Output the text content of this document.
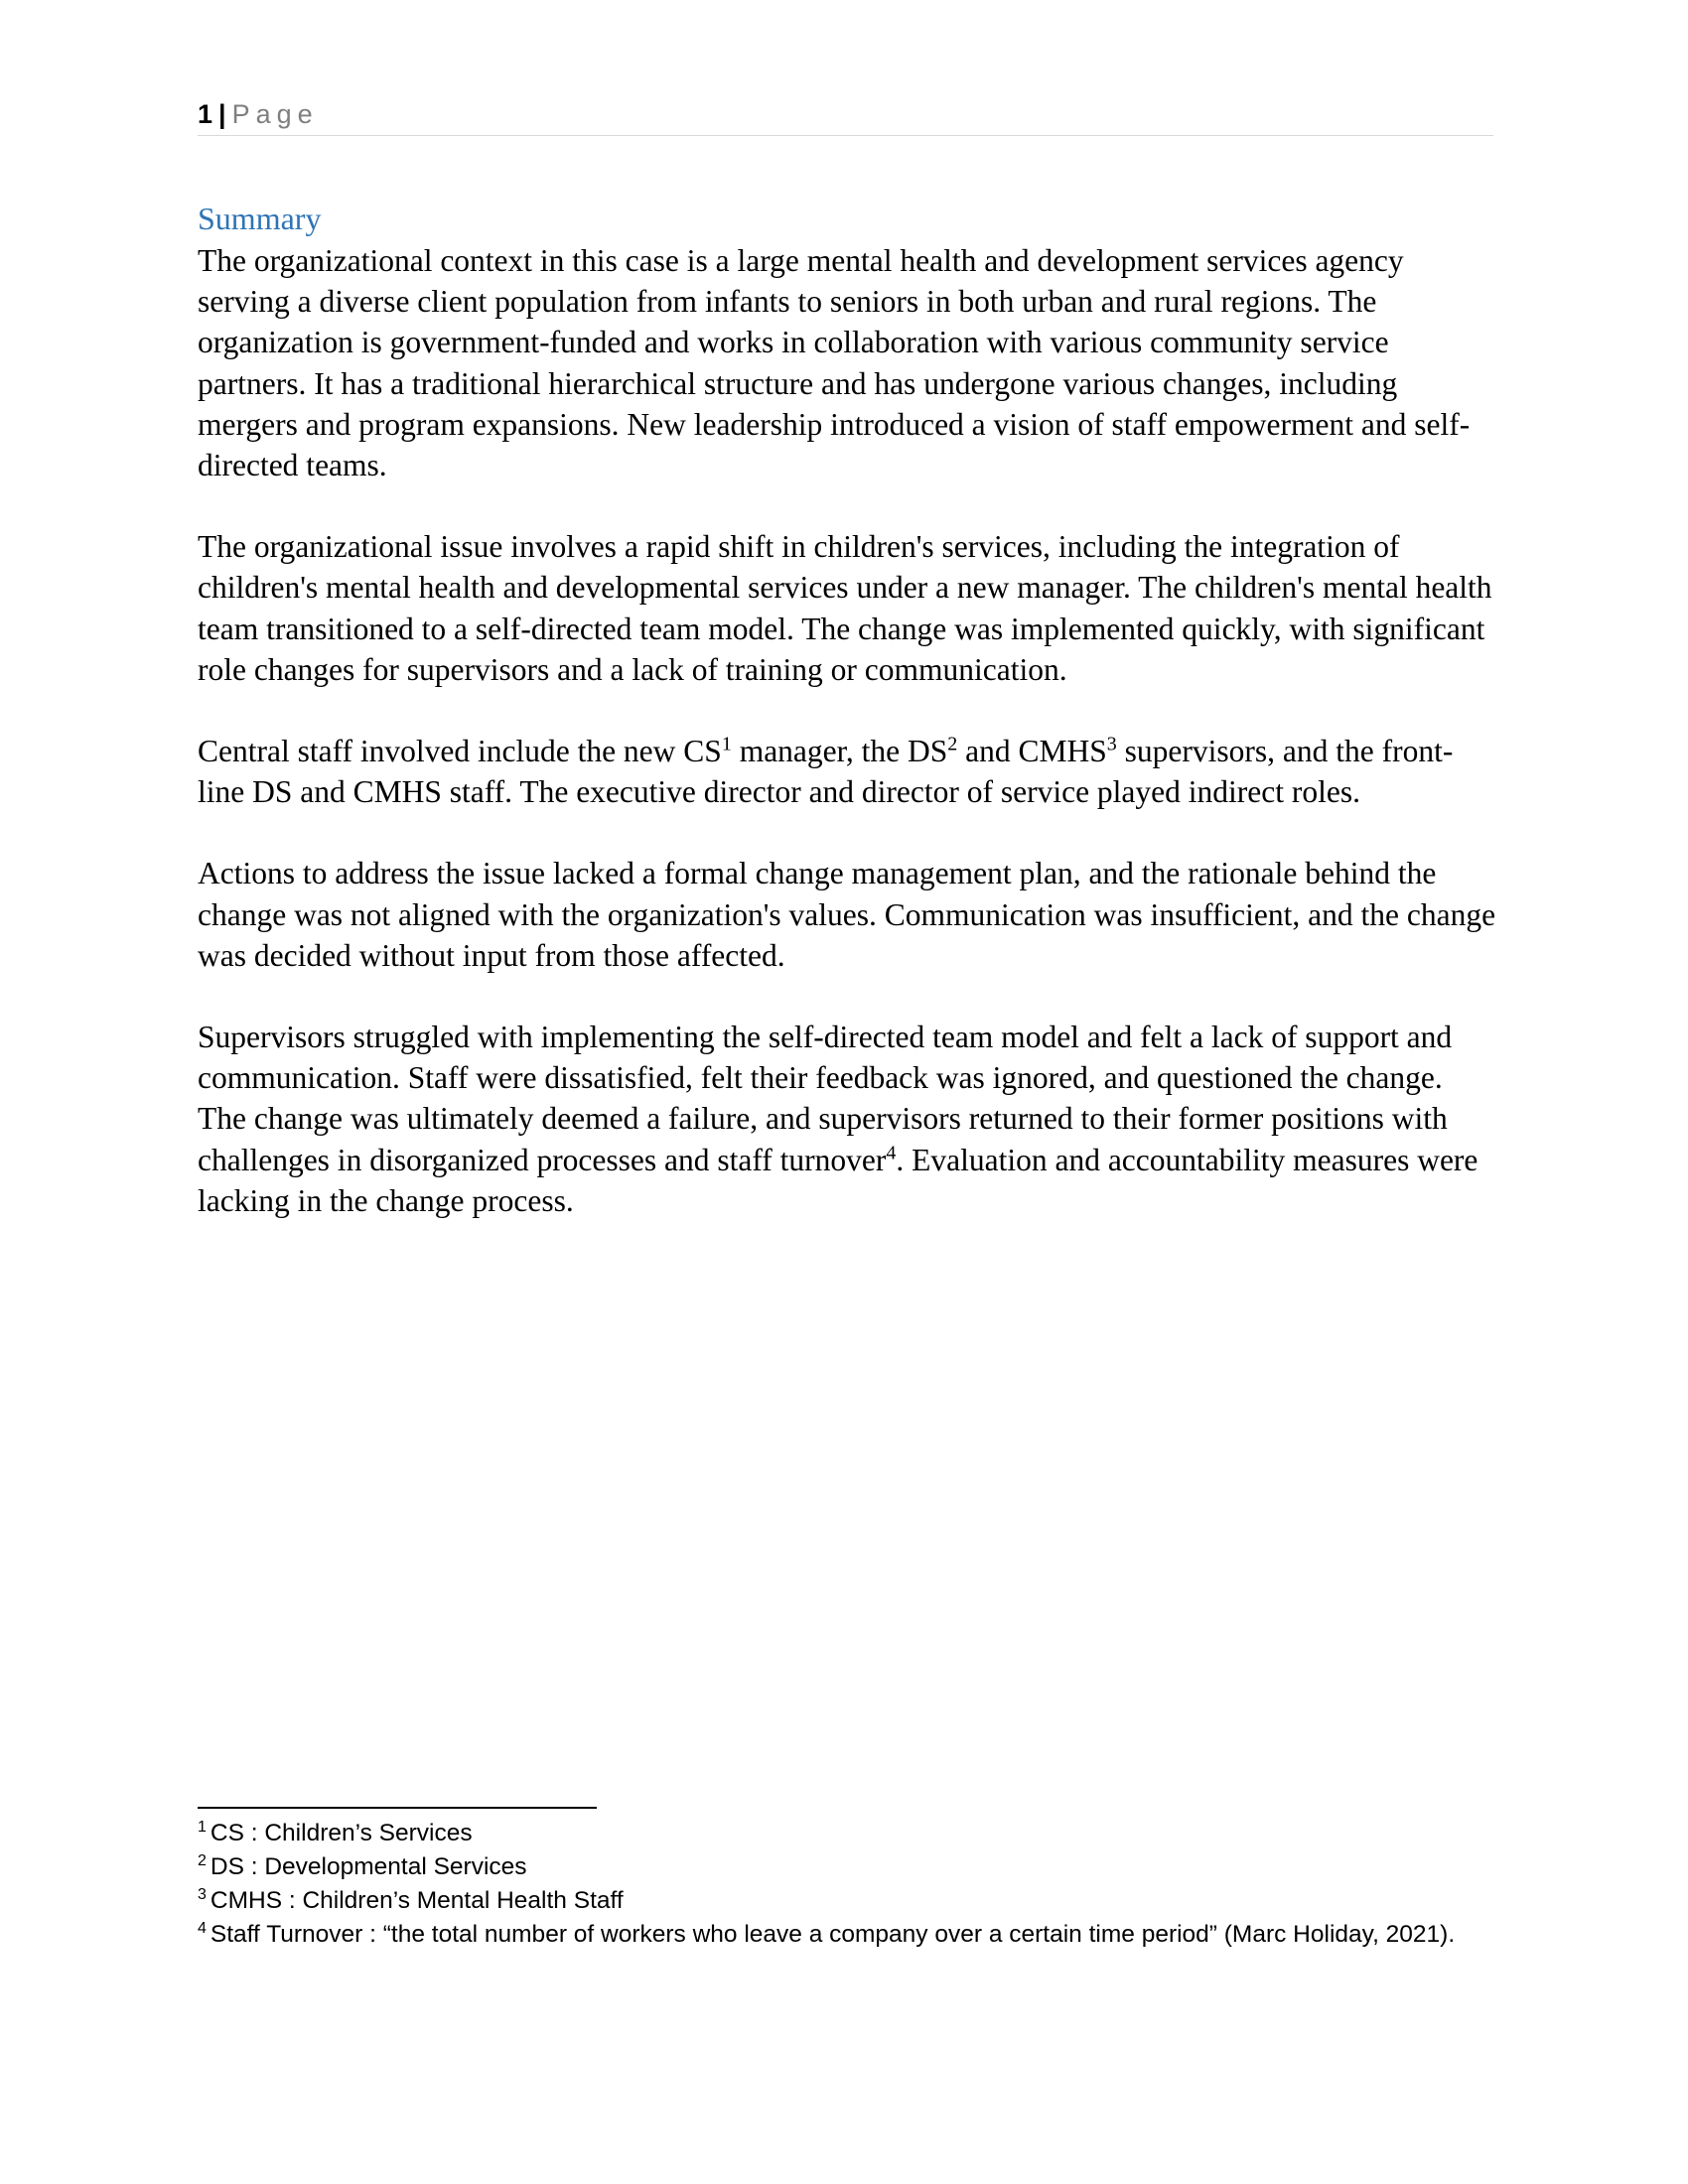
1 | Page

Summary

The organizational context in this case is a large mental health and development services agency serving a diverse client population from infants to seniors in both urban and rural regions. The organization is government-funded and works in collaboration with various community service partners. It has a traditional hierarchical structure and has undergone various changes, including mergers and program expansions. New leadership introduced a vision of staff empowerment and self-directed teams.

The organizational issue involves a rapid shift in children's services, including the integration of children's mental health and developmental services under a new manager. The children's mental health team transitioned to a self-directed team model. The change was implemented quickly, with significant role changes for supervisors and a lack of training or communication.

Central staff involved include the new $CS^1$ manager, the $DS^2$ and CMHS$^3$ supervisors, and the front-line DS and CMHS staff. The executive director and director of service played indirect roles.

Actions to address the issue lacked a formal change management plan, and the rationale behind the change was not aligned with the organization's values. Communication was insufficient, and the change was decided without input from those affected.

Supervisors struggled with implementing the self-directed team model and felt a lack of support and communication. Staff were dissatisfied, felt their feedback was ignored, and questioned the change. The change was ultimately deemed a failure, and supervisors returned to their former positions with challenges in disorganized processes and staff turnover$^4$. Evaluation and accountability measures were lacking in the change process.

$^1$ CS : Children’s Services

$^2$ DS : Developmental Services

$^3$ CMHS : Children’s Mental Health Staff

$^4$ Staff Turnover : “the total number of workers who leave a company over a certain time period” (Marc Holiday, 2021).
